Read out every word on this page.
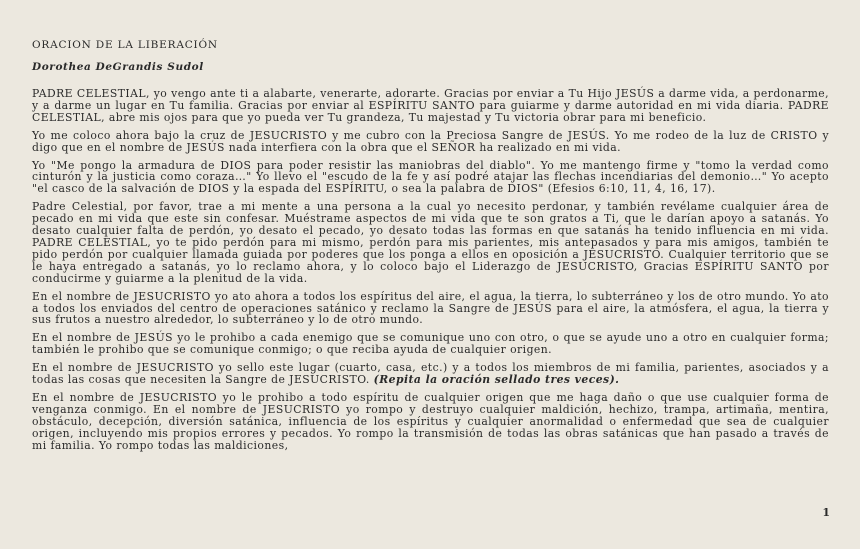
ORACION DE LA LIBERACIÓN
Dorothea DeGrandis Sudol

PADRE CELESTIAL, yo vengo ante ti a alabarte, venerarte, adorarte. Gracias por enviar a Tu Hijo JESÚS a darme vida, a perdonarme, y a darme un lugar en Tu familia. Gracias por enviar al ESPÍRITU SANTO para guiarme y darme autoridad en mi vida diaria. PADRE CELESTIAL, abre mis ojos para que yo pueda ver Tu grandeza, Tu majestad y Tu victoria obrar para mi beneficio.

Yo me coloco ahora bajo la cruz de JESUCRISTO y me cubro con la Preciosa Sangre de JESÚS. Yo me rodeo de la luz de CRISTO y digo que en el nombre de JESÚS nada interfiera con la obra que el SEÑOR ha realizado en mi vida.

Yo "Me pongo la armadura de DIOS para poder resistir las maniobras del diablo". Yo me mantengo firme y "tomo la verdad como cinturón y la justicia como coraza…" Yo llevo el "escudo de la fe y así podré atajar las flechas incendiarias del demonio…" Yo acepto "el casco de la salvación de DIOS y la espada del ESPÍRITU, o sea la palabra de DIOS" (Efesios 6:10, 11, 4, 16, 17).

Padre Celestial, por favor, trae a mi mente a una persona a la cual yo necesito perdonar, y también revélame cualquier área de pecado en mi vida que este sin confesar. Muéstrame aspectos de mi vida que te son gratos a Ti, que le darían apoyo a satanás. Yo desato cualquier falta de perdón, yo desato el pecado, yo desato todas las formas en que satanás ha tenido influencia en mi vida. PADRE CELESTIAL, yo te pido perdón para mi mismo, perdón para mis parientes, mis antepasados y para mis amigos, también te pido perdón por cualquier llamada guiada por poderes que los ponga a ellos en oposición a JESUCRISTO. Cualquier territorio que se le haya entregado a satanás, yo lo reclamo ahora, y lo coloco bajo el Liderazgo de JESUCRISTO, Gracias ESPÍRITU SANTO por conducirme y guiarme a la plenitud de la vida.

En el nombre de JESUCRISTO yo ato ahora a todos los espíritus del aire, el agua, la tierra, lo subterráneo y los de otro mundo. Yo ato a todos los enviados del centro de operaciones satánico y reclamo la Sangre de JESÚS para el aire, la atmósfera, el agua, la tierra y sus frutos a nuestro alrededor, lo subterráneo y lo de otro mundo.

En el nombre de JESÚS yo le prohibo a cada enemigo que se comunique uno con otro, o que se ayude uno a otro en cualquier forma; también le prohibo que se comunique conmigo; o que reciba ayuda de cualquier origen.

En el nombre de JESUCRISTO yo sello este lugar (cuarto, casa, etc.) y a todos los miembros de mi familia, parientes, asociados y a todas las cosas que necesiten la Sangre de JESUCRISTO. (Repita la oración sellado tres veces).

En el nombre de JESUCRISTO yo le prohibo a todo espíritu de cualquier origen que me haga daño o que use cualquier forma de venganza conmigo. En el nombre de JESUCRISTO yo rompo y destruyo cualquier maldición, hechizo, trampa, artimaña, mentira, obstáculo, decepción, diversión satánica, influencia de los espíritus y cualquier anormalidad o enfermedad que sea de cualquier origen, incluyendo mis propios errores y pecados. Yo rompo la transmisión de todas las obras satánicas que han pasado a través de mi familia. Yo rompo todas las maldiciones,

1
